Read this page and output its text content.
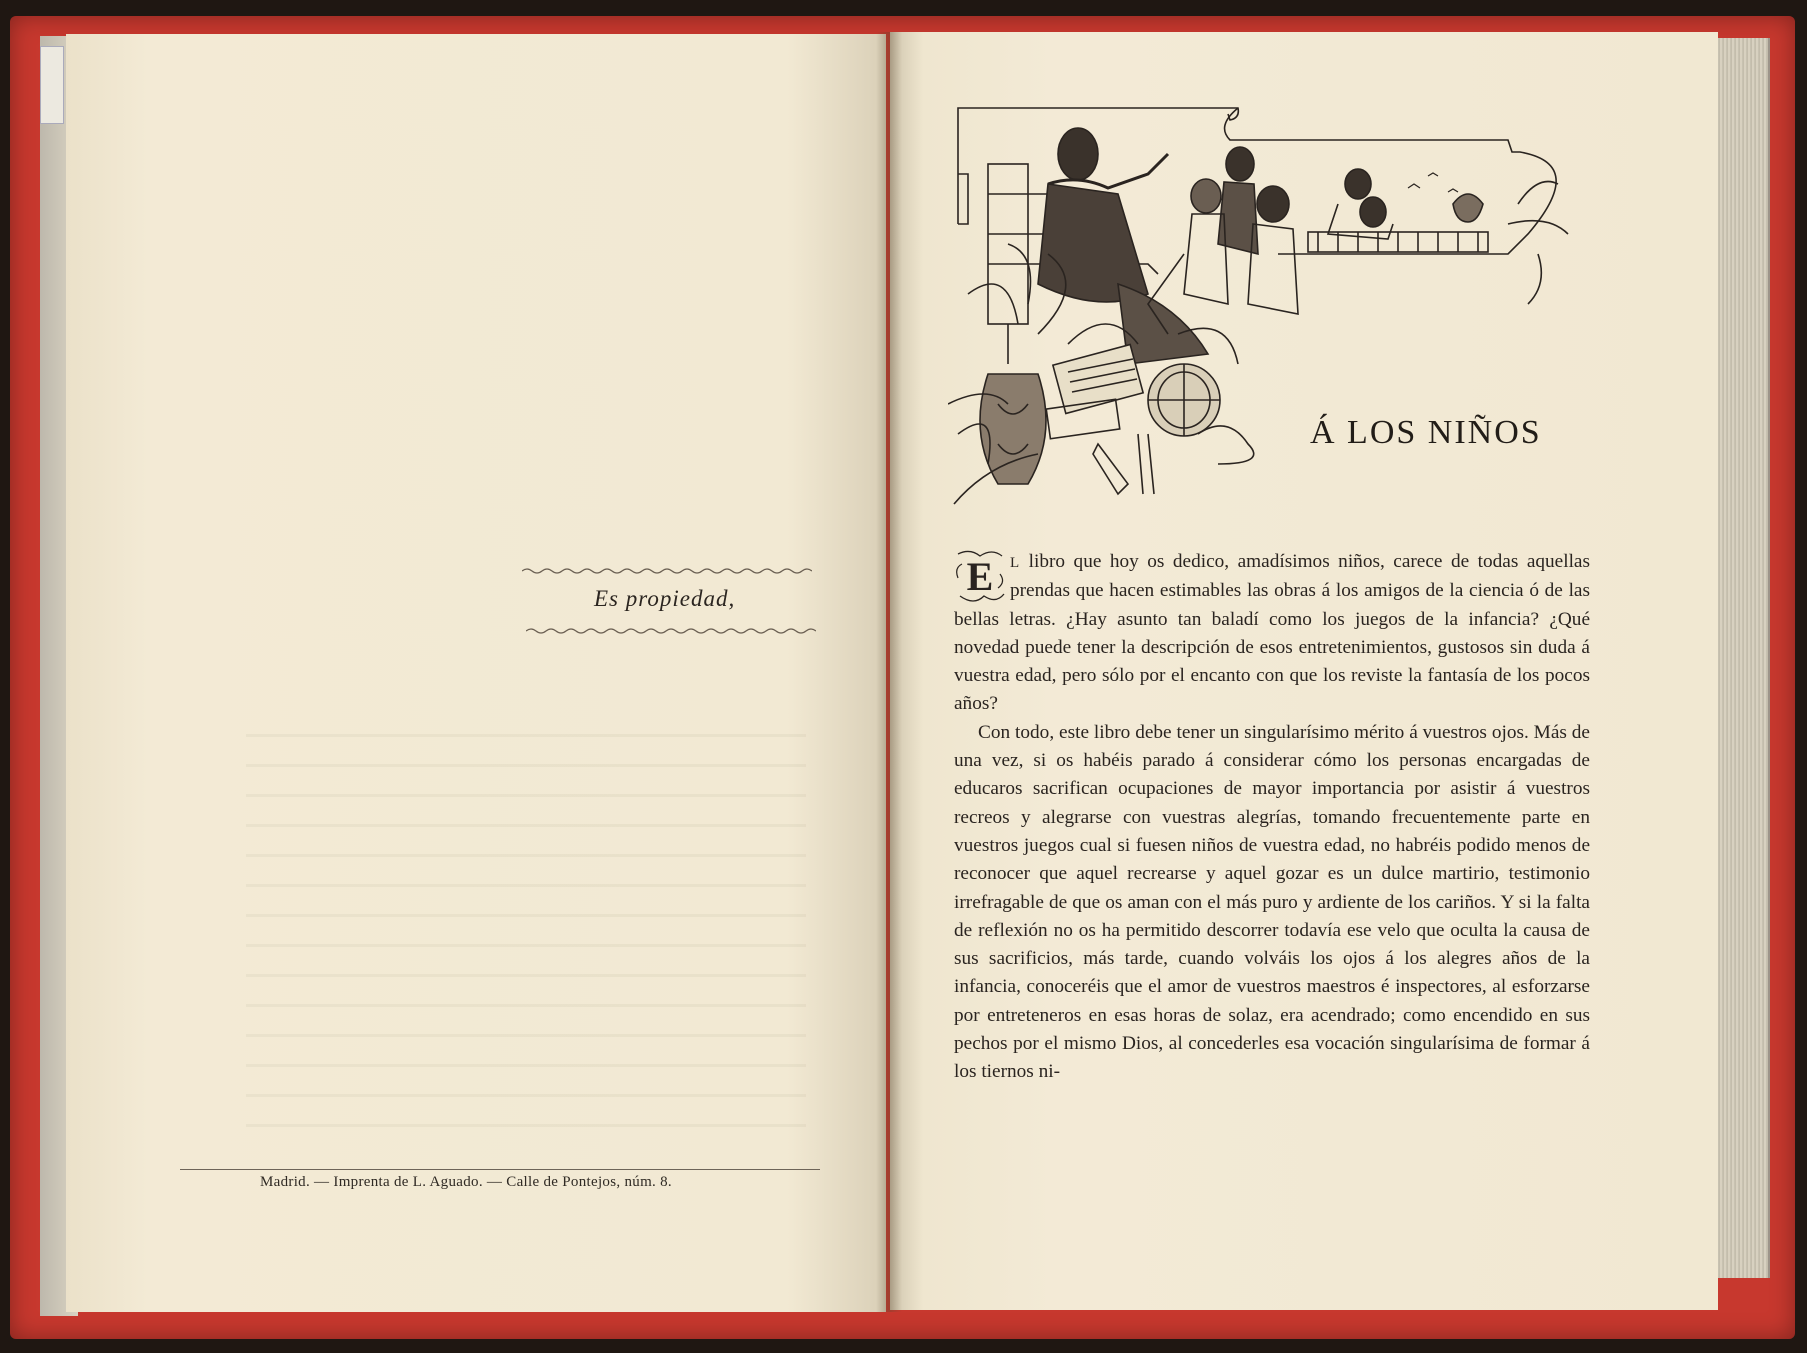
Es propiedad,
Madrid. — Imprenta de L. Aguado. — Calle de Pontejos, núm. 8.
Á LOS NIÑOS

E L libro que hoy os dedico, amadísimos niños, carece de todas aquellas prendas que hacen estimables las obras á los amigos de la ciencia ó de las bellas letras. ¿Hay asunto tan baladí como los juegos de la infancia? ¿Qué novedad puede tener la descripción de esos entretenimientos, gustosos sin duda á vuestra edad, pero sólo por el encanto con que los reviste la fantasía de los pocos años?

Con todo, este libro debe tener un singularísimo mérito á vuestros ojos. Más de una vez, si os habéis parado á considerar cómo los personas encargadas de educaros sacrifican ocupaciones de mayor importancia por asistir á vuestros recreos y alegrarse con vuestras alegrías, tomando frecuentemente parte en vuestros juegos cual si fuesen niños de vuestra edad, no habréis podido menos de reconocer que aquel recrearse y aquel gozar es un dulce martirio, testimonio irrefragable de que os aman con el más puro y ardiente de los cariños. Y si la falta de reflexión no os ha permitido descorrer todavía ese velo que oculta la causa de sus sacrificios, más tarde, cuando volváis los ojos á los alegres años de la infancia, conoceréis que el amor de vuestros maestros é inspectores, al esforzarse por entreteneros en esas horas de solaz, era acendrado; como encendido en sus pechos por el mismo Dios, al concederles esa vocación singularísima de formar á los tiernos ni-
